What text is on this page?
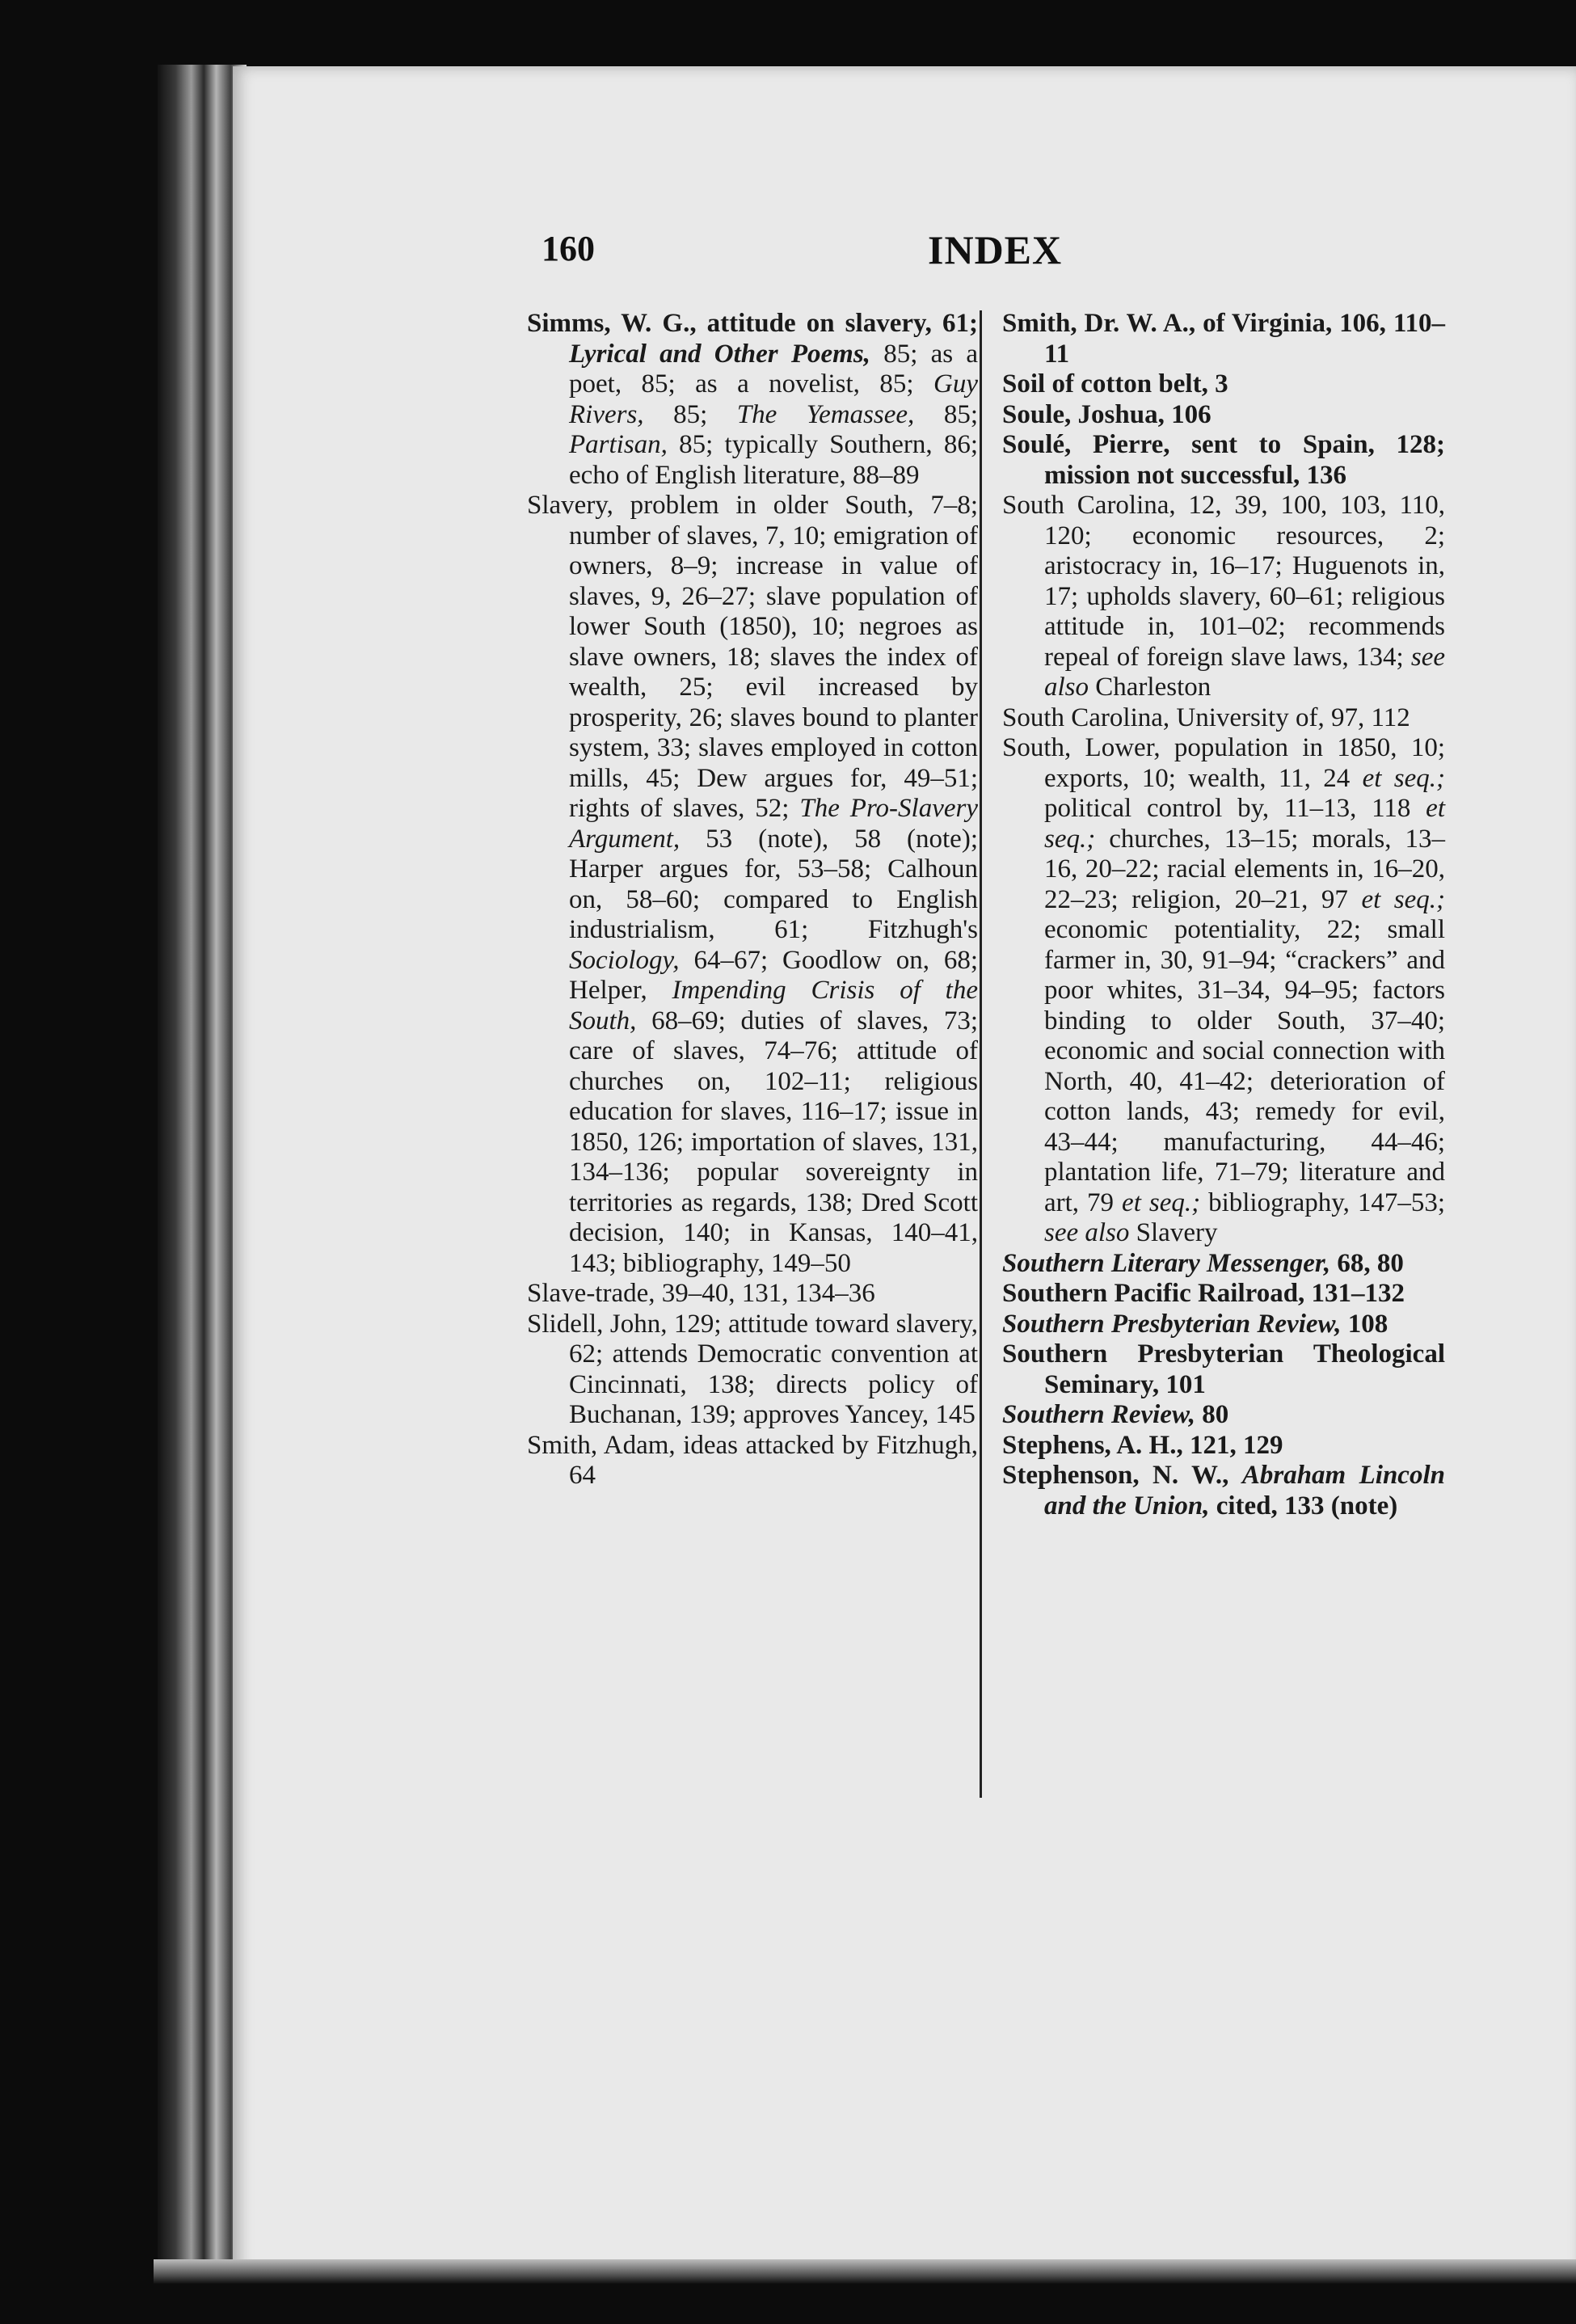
160	INDEX

Simms, W. G., attitude on slavery, 61; Lyrical and Other Poems, 85; as a poet, 85; as a novelist, 85; Guy Rivers, 85; The Yemassee, 85; Partisan, 85; typically Southern, 86; echo of English literature, 88–89

Slavery, problem in older South, 7–8; number of slaves, 7, 10; emigration of owners, 8–9; increase in value of slaves, 9, 26–27; slave population of lower South (1850), 10; negroes as slave owners, 18; slaves the index of wealth, 25; evil increased by prosperity, 26; slaves bound to planter system, 33; slaves employed in cotton mills, 45; Dew argues for, 49–51; rights of slaves, 52; The Pro-Slavery Argument, 53 (note), 58 (note); Harper argues for, 53–58; Calhoun on, 58–60; compared to English industrialism, 61; Fitzhugh's Sociology, 64–67; Goodlow on, 68; Helper, Impending Crisis of the South, 68–69; duties of slaves, 73; care of slaves, 74–76; attitude of churches on, 102–11; religious education for slaves, 116–17; issue in 1850, 126; importation of slaves, 131, 134–136; popular sovereignty in territories as regards, 138; Dred Scott decision, 140; in Kansas, 140–41, 143; bibliography, 149–50

Slave-trade, 39–40, 131, 134–36

Slidell, John, 129; attitude toward slavery, 62; attends Democratic convention at Cincinnati, 138; directs policy of Buchanan, 139; approves Yancey, 145

Smith, Adam, ideas attacked by Fitzhugh, 64

Smith, Dr. W. A., of Virginia, 106, 110–11

Soil of cotton belt, 3

Soule, Joshua, 106

Soulé, Pierre, sent to Spain, 128; mission not successful, 136

South Carolina, 12, 39, 100, 103, 110, 120; economic resources, 2; aristocracy in, 16–17; Huguenots in, 17; upholds slavery, 60–61; religious attitude in, 101–02; recommends repeal of foreign slave laws, 134; see also Charleston

South Carolina, University of, 97, 112

South, Lower, population in 1850, 10; exports, 10; wealth, 11, 24 et seq.; political control by, 11–13, 118 et seq.; churches, 13–15; morals, 13–16, 20–22; racial elements in, 16–20, 22–23; religion, 20–21, 97 et seq.; economic potentiality, 22; small farmer in, 30, 91–94; “crackers” and poor whites, 31–34, 94–95; factors binding to older South, 37–40; economic and social connection with North, 40, 41–42; deterioration of cotton lands, 43; remedy for evil, 43–44; manufacturing, 44–46; plantation life, 71–79; literature and art, 79 et seq.; bibliography, 147–53; see also Slavery

Southern Literary Messenger, 68, 80

Southern Pacific Railroad, 131–132

Southern Presbyterian Review, 108

Southern Presbyterian Theological Seminary, 101

Southern Review, 80

Stephens, A. H., 121, 129

Stephenson, N. W., Abraham Lincoln and the Union, cited, 133 (note)
